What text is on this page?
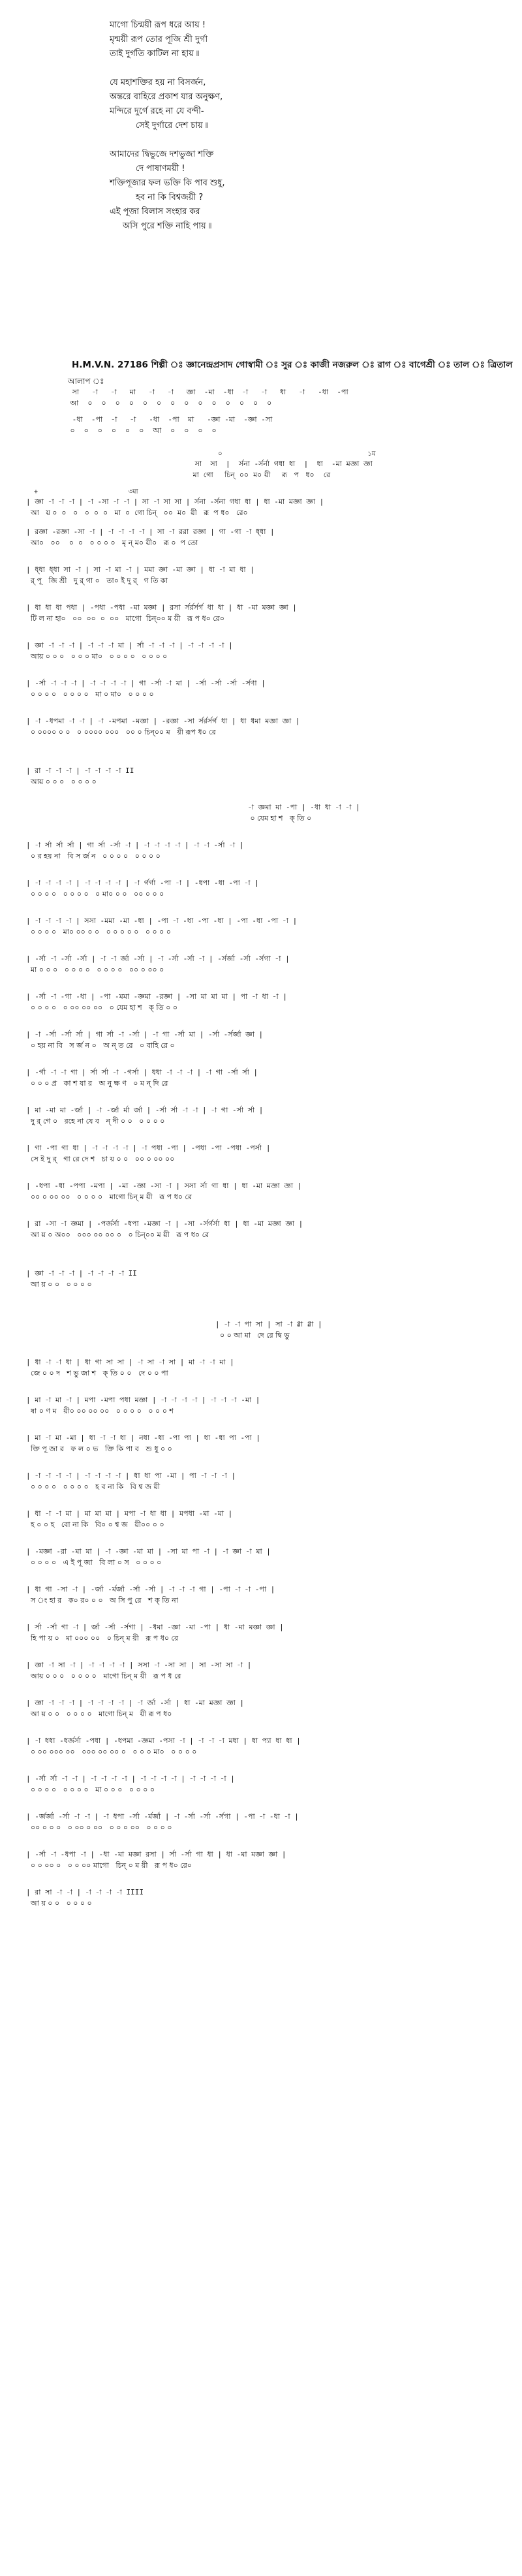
মাগো চিন্ময়ী রূপ ধরে আয় !
মৃন্ময়ী রূপ তোর পূজি শ্রী দুর্গা
তাই দুর্গতি কাটিল না হায় ৷৷
যে মহাশক্তির হয় না বিসর্জন,
অন্তরে বাহিরে প্রকাশ যার অনুক্ষণ,
মন্দিরে দুর্গে রহে না যে বন্দী-
সেই দুর্গারে দেশ চায় ৷৷
আমাদের দ্বিভুজে দশভুজা শক্তি
দে পাষাণময়ী !
শক্তিপূজার ফল ভক্তি কি পাব শুধু,
হব না কি বিশ্বজয়ী ?
এই পূজা বিলাস সংহার কর
অসি পুরে শক্তি নাহি পায় ৷৷
H.M.V.N. 27186 শিল্পী ঃ জ্ঞানেন্দ্রপ্রসাদ গোস্বামী ঃ সুর ঃ কাজী নজরুল ঃ রাগ ঃ বাগেশ্রী ঃ তাল ঃ ত্রিতাল
আলাপ ঃ
সা   -া   -া   মা   -া   -া   জ্ঞা  -মা  -ধা  -া   -া   ধা   -া   -ধা  -পা
আ    ০    ০    ০    ০    ০    ০    ০    ০    ০    ০    ০    ০    ০    ০
-ধা  -পা  -া   -া   -ধা  -পা  মা   -জ্ঞা -মা  -জ্ঞা -সা
০    ০    ০    ০    ০    ০    আ    ০    ০    ০    ০
০                                     ১ম
সা  সা  |  র্সনা -র্সর্না গধা ধা  |  ধা  -মা মজ্ঞা জ্ঞা
মা  গো     চিন্  ০০  ম০ য়ী     রূ   প   ধ০    রে
+                       ৩মা
| জ্ঞা -া -া -া | -া -সা -া -া | সা -া সা সা | র্সনা -র্সনা গধা ধা | ধা -মা মজ্ঞা জ্ঞা |
আ   য় ০  ০   ০   ০  ০  ০   মা  ০  গো চিন্   ০০  ম০  য়ী   রূ  প ধ০   রে০
| রজ্ঞা -রজ্ঞা -সা -া | -া -া -া -া | সা -া ররা রজ্ঞা | গা -গা -া ধ্ধা |
আ০   ০০    ০  ০   ০ ০ ০ ০   মৃ ন্ ম০ য়ী০   রূ ০  প তো
| ধ্ধা ধ্ধা সা -া | সা -া মা -া | মমা জ্ঞা -মা জ্ঞা | ধা -া মা ধা |
র্ পূ   জি শ্রী   দু র্ গা ০   তা০ ই দু র্   গ তি কা
| ধা ধা ধা পধা | -পধা -পধা -মা মজ্ঞা | রসা র্সর্রর্সর্গ ধা ধা | ধা -মা মজ্ঞা জ্ঞা |
টি ল না হা০   ০০  ০০  ০  ০০   মাগো  চিন্০০ ম য়ী   রূ প ধ০ রে০
| জ্ঞা -া -া -া | -া -া -া মা | র্সা -া -া -া | -া -া -া -া |
আয় ০ ০ ০   ০ ০ ০ মা০   ০ ০ ০ ০   ০ ০ ০ ০
| -র্সা -া -া -া | -া -া -া -া | গা -র্সা -া মা | -র্সা -র্সা -র্সা -র্সণা |
০ ০ ০ ০   ০ ০ ০ ০   মা ০ মা০   ০ ০ ০ ০
| -া -ধপমা -া -া | -া -মপমা -মজ্ঞা | -রজ্ঞা -সা র্সর্রর্সর্গ ধা | ধা ধমা মজ্ঞা জ্ঞা |
০ ০০০০ ০ ০   ০ ০০০০ ০০০   ০০ ০ চিন্০০ ম   য়ী রূপ ধ০ রে
| রা -া -া -া | -া -া -া -া II
আয় ০ ০ ০   ০ ০ ০ ০
-া জ্ঞমা মা -পা | -ধা ধা -া -া |
০ যেম হা শ   ক্ তি ০
| -া র্সা র্সা র্সা | গা র্সা -র্সা -া | -া -া -া -া | -া -া -র্সা -া |
০ র হয় না   বি স র্জ ন   ০ ০ ০ ০   ০ ০ ০ ০
| -া -া -া -া | -া -া -া -া | -া র্গর্গা -পা -া | -ধপা -ধা -পা -া |
০ ০ ০ ০   ০ ০ ০ ০   ০ মা০ ০ ০   ০০ ০ ০ ০
| -া -া -া -া | সসা -মমা -মা -ধা | -পা -া -ধা -পা -ধা | -পা -ধা -পা -া |
০ ০ ০ ০   মা০ ০০ ০ ০   ০ ০ ০ ০ ০   ০ ০ ০ ০
| -র্সা -া -র্সা -র্সা | -া -া র্জা -র্সা | -া -র্সা -র্সা -া | -র্সর্জা -র্সা -র্সগা -া |
মা ০ ০ ০   ০ ০ ০ ০   ০ ০ ০ ০   ০০ ০ ০০ ০
| -র্সা -া -গা -ধা | -পা -মমা -জ্ঞমা -রজ্ঞা | -সা মা মা মা | পা -া ধা -া |
০ ০ ০ ০   ০ ০০ ০০ ০০   ০ যেম হা শ   ক্ তি ০ ০
| -া -র্সা -র্সা র্সা | গা র্সা -া -র্সা | -া গা -র্সা মা | -র্সা -র্সর্জা জ্ঞা |
০ হয় না বি   স র্জ ন ০   অ ন্ ত রে   ০ বাহি রে ০
| -র্গা -া -া গা | র্সা র্সা -া -গর্সা | ধধা -া -া -া | -া গা -র্সা র্সা |
০ ০ ০ প্র   কা শ যা র   অ নু ক্ষ ণ   ০ ম ন্ দি রে
| মা -মা মা -র্জা | -া -র্জা র্মা র্জা | -র্সা র্সা -া -া | -া গা -র্সা র্সা |
দু র্ গে ০   রহে না যে ব   ন্ দী ০ ০   ০ ০ ০ ০
| গা -পা গা ধা | -া -া -া -া | -া পধা -পা | -পধা -পা -পধা -পর্সা |
সে ই দু র্   গা রে দে শ   চা য় ০ ০   ০০ ০ ০০ ০০
| -ধপা -ধা -পপা -মপা | -মা -জ্ঞা -সা -া | সসা র্সা গা ধা | ধা -মা মজ্ঞা জ্ঞা |
০০ ০ ০০ ০০   ০ ০ ০ ০   মাগো চিন্ ম য়ী   রূ প ধ০ রে
| রা -সা -া জ্ঞমা | -পর্জর্সা -ধপা -মজ্ঞা -া | -সা -র্সর্গর্সা ধা | ধা -মা মজ্ঞা জ্ঞা |
আ য় ০ অ০০   ০০০ ০০ ০০ ০   ০ চিন্০০ ম য়ী   রূ প ধ০ রে
| জ্ঞা -া -া -া | -া -া -া -া II
আ য় ০ ০   ০ ০ ০ ০
| -া -া পা সা | সা -া গ্গা গ্গা |
০ ০ আ মা   দে রে দ্বি ভু
| ধা -া -া ধা | ধা গা সা সা | -া সা -া সা | মা -া -া মা |
জে ০ ০ দ   শ ভু জা শ   ক্ তি ০ ০   দে ০ ০ পা
| মা -া মা -া | মপা -মপা পধা মজ্ঞা | -া -া -া -া | -া -া -া -মা |
ষা ০ ণ ম   য়ী০ ০০ ০০ ০০   ০ ০ ০ ০   ০ ০ ০ শ
| মা -া মা -মা | ধা -া -া ধা | নধা -ধা -পা পা | ধা -ধা পা -পা |
ক্তি পূ জা র   ফ ল ০ ভ   ক্তি কি পা ব   শু ধু ০ ০
| -া -া -া -া | -া -া -া -া | ধা ধা পা -মা | পা -া -া -া |
০ ০ ০ ০   ০ ০ ০ ০   হ ব না কি   বি শ্ব জ য়ী
| ধা -া -া মা | মা মা মা | মপা -া ধা ধা | মপধা -মা -মা |
হ ০ ০ হ   বো না কি   বি০ ০ শ্ব জ   য়ী০০ ০ ০
| -মজ্ঞা -রা -মা মা | -া -জ্ঞা -মা মা | -সা মা পা -া | -া জ্ঞা -া মা |
০ ০ ০ ০   এ ই পূ জা   বি লা ০ স   ০ ০ ০ ০
| ধা গা -সা -া | -র্জা -র্মর্জা -র্সা -র্সা | -া -া -া গা | -পা -া -া -পা |
স ং হা র   ক০ র০ ০ ০   অ সি পু রে   শ ক্ তি না
| র্সা -র্সা গা -া | র্জা -র্সা -র্সগা | -ধমা -জ্ঞা -মা -পা | ধা -মা মজ্ঞা জ্ঞা |
হি পা য় ০   মা ০০০ ০০   ০ চিন্ ম য়ী   রূ প ধ০ রে
| জ্ঞা -া সা -া | -া -া -া -া | সসা -া -সা সা | সা -সা সা -া |
আয় ০ ০ ০   ০ ০ ০ ০   মাগো চিন্ ম য়ী   রূ প ধ রে
| জ্ঞা -া -া -া | -া -া -া -া | -া র্জা -র্সা | ধা -মা মজ্ঞা জ্ঞা |
আ য় ০ ০   ০ ০ ০ ০   মাগো চিন্ ম   য়ী রূ প ধ০
| -া ধধা -ধর্জর্সা -পধা | -ধপমা -জ্ঞমা -পসা -া | -া -া -া মধা | ধা প্যা ধা ধা |
০ ০০ ০০০ ০০   ০০০ ০০ ০০ ০   ০ ০ ০ মা০   ০ ০ ০ ০
| -র্সা র্সা -া -া | -া -া -া -া | -া -া -া -া | -া -া -া -া |
০ ০ ০ ০   ০ ০ ০ ০   মা ০ ০ ০   ০ ০ ০ ০
| -র্জর্জা -র্সা -া -া | -া ধপা -র্সা -র্মর্জা | -া -র্সা -র্সা -র্সগা | -পা -া -ধা -া |
০০ ০ ০ ০   ০ ০০ ০ ০০   ০ ০ ০ ০০   ০ ০ ০ ০
| -র্সা -া -ধপা -া | -ধা -মা মজ্ঞা রসা | র্সা -র্সা গা ধা | ধা -মা মজ্ঞা জ্ঞা |
০ ০ ০০ ০   ০ ০ ০০ মাগো   চিন্ ০ ম য়ী   রূ প ধ০ রে০
| রা সা -া -া | -া -া -া -া IIII
আ য় ০ ০   ০ ০ ০ ০
